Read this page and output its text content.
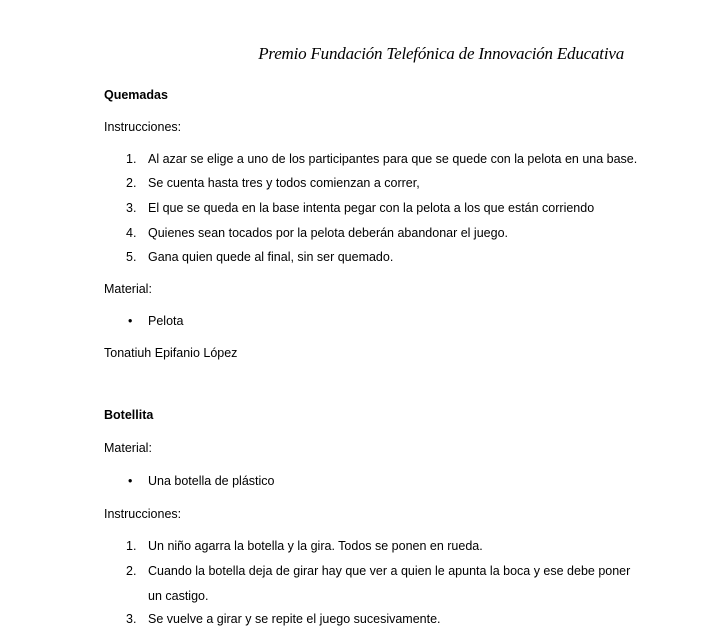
Premio Fundación Telefónica de Innovación Educativa
Quemadas
Instrucciones:
1. Al azar se elige a uno de los participantes para que se quede con la pelota en una base.
2. Se cuenta hasta tres y todos comienzan a correr,
3. El que se queda en la base intenta pegar con la pelota a los que están corriendo
4. Quienes sean tocados por la pelota deberán abandonar el juego.
5. Gana quien quede al final, sin ser quemado.
Material:
• Pelota
Tonatiuh Epifanio López
Botellita
Material:
• Una botella de plástico
Instrucciones:
1. Un niño agarra la botella y la gira. Todos se ponen en rueda.
2. Cuando la botella deja de girar hay que ver a quien le apunta la boca y ese debe poner
un castigo.
3. Se vuelve a girar y se repite el juego sucesivamente.
